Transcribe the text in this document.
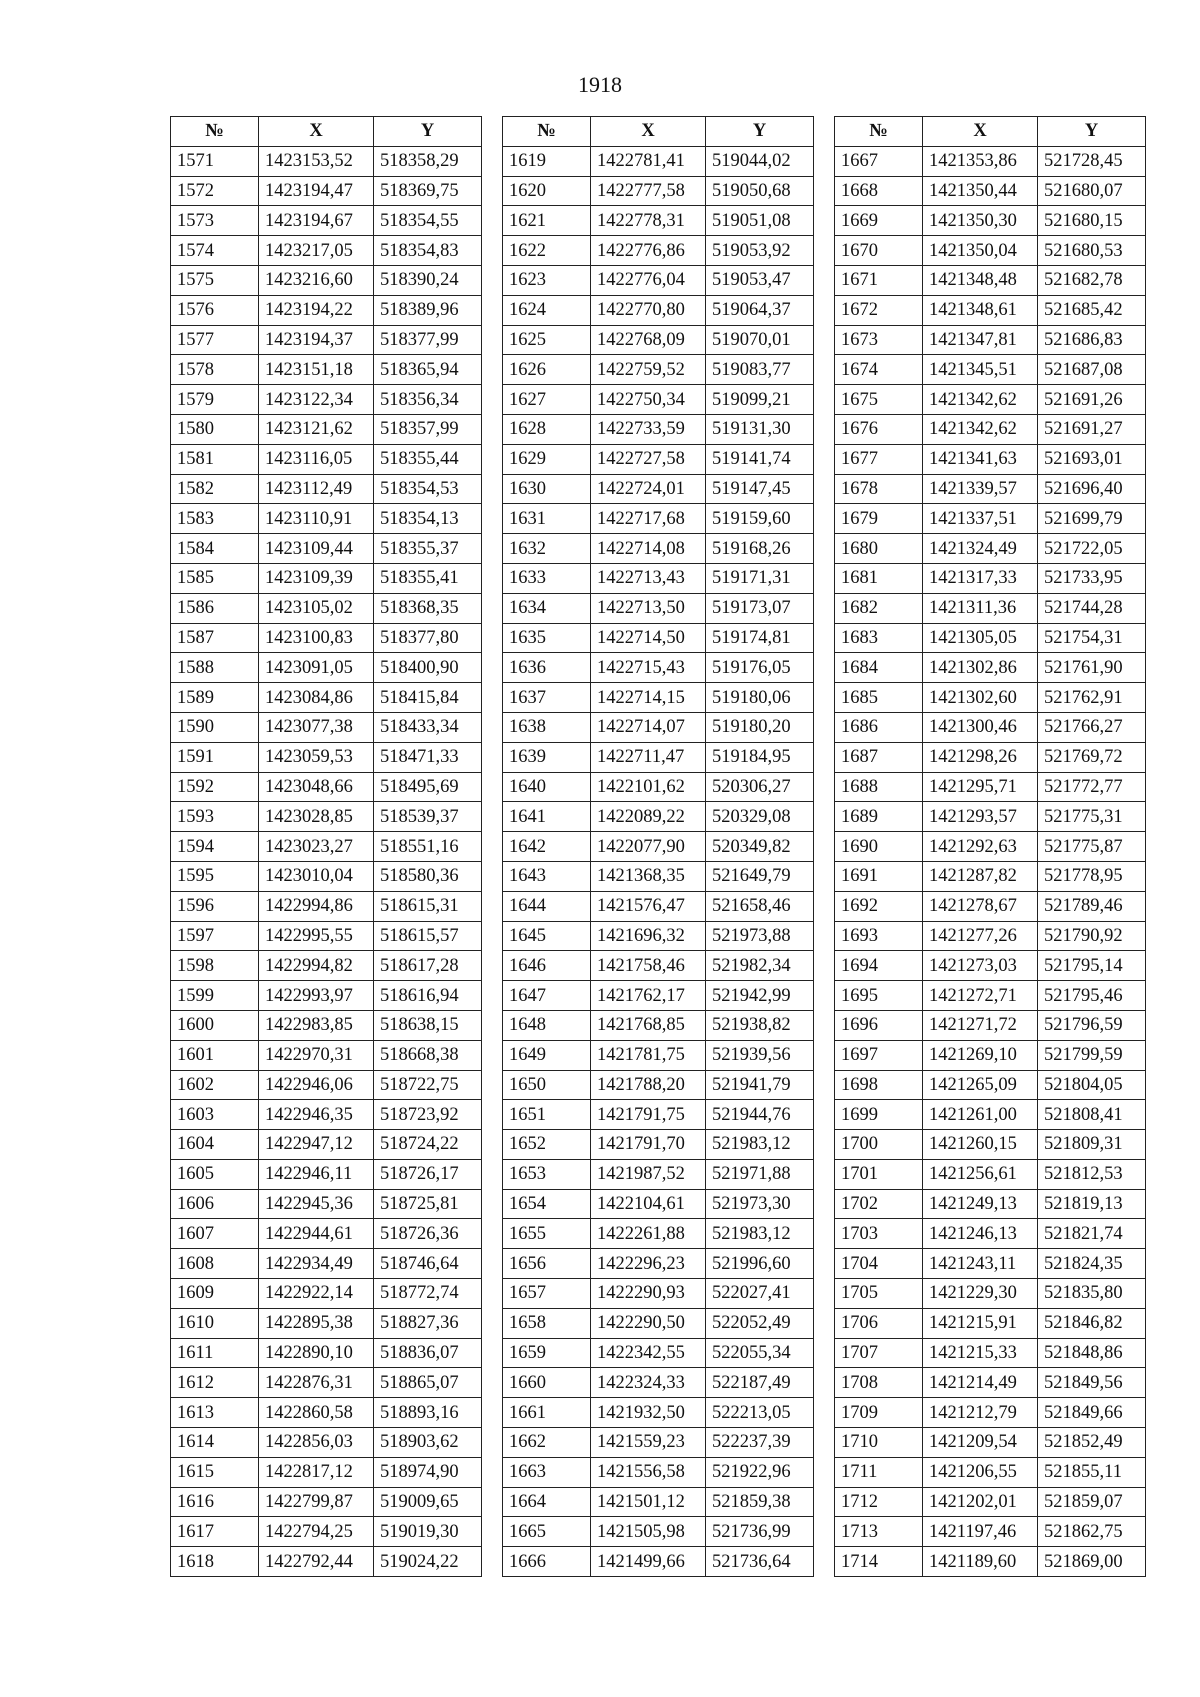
1918
№	X	Y
1571	1423153,52	518358,29
1572	1423194,47	518369,75
1573	1423194,67	518354,55
1574	1423217,05	518354,83
1575	1423216,60	518390,24
1576	1423194,22	518389,96
1577	1423194,37	518377,99
1578	1423151,18	518365,94
1579	1423122,34	518356,34
1580	1423121,62	518357,99
1581	1423116,05	518355,44
1582	1423112,49	518354,53
1583	1423110,91	518354,13
1584	1423109,44	518355,37
1585	1423109,39	518355,41
1586	1423105,02	518368,35
1587	1423100,83	518377,80
1588	1423091,05	518400,90
1589	1423084,86	518415,84
1590	1423077,38	518433,34
1591	1423059,53	518471,33
1592	1423048,66	518495,69
1593	1423028,85	518539,37
1594	1423023,27	518551,16
1595	1423010,04	518580,36
1596	1422994,86	518615,31
1597	1422995,55	518615,57
1598	1422994,82	518617,28
1599	1422993,97	518616,94
1600	1422983,85	518638,15
1601	1422970,31	518668,38
1602	1422946,06	518722,75
1603	1422946,35	518723,92
1604	1422947,12	518724,22
1605	1422946,11	518726,17
1606	1422945,36	518725,81
1607	1422944,61	518726,36
1608	1422934,49	518746,64
1609	1422922,14	518772,74
1610	1422895,38	518827,36
1611	1422890,10	518836,07
1612	1422876,31	518865,07
1613	1422860,58	518893,16
1614	1422856,03	518903,62
1615	1422817,12	518974,90
1616	1422799,87	519009,65
1617	1422794,25	519019,30
1618	1422792,44	519024,22
№	X	Y
1619	1422781,41	519044,02
1620	1422777,58	519050,68
1621	1422778,31	519051,08
1622	1422776,86	519053,92
1623	1422776,04	519053,47
1624	1422770,80	519064,37
1625	1422768,09	519070,01
1626	1422759,52	519083,77
1627	1422750,34	519099,21
1628	1422733,59	519131,30
1629	1422727,58	519141,74
1630	1422724,01	519147,45
1631	1422717,68	519159,60
1632	1422714,08	519168,26
1633	1422713,43	519171,31
1634	1422713,50	519173,07
1635	1422714,50	519174,81
1636	1422715,43	519176,05
1637	1422714,15	519180,06
1638	1422714,07	519180,20
1639	1422711,47	519184,95
1640	1422101,62	520306,27
1641	1422089,22	520329,08
1642	1422077,90	520349,82
1643	1421368,35	521649,79
1644	1421576,47	521658,46
1645	1421696,32	521973,88
1646	1421758,46	521982,34
1647	1421762,17	521942,99
1648	1421768,85	521938,82
1649	1421781,75	521939,56
1650	1421788,20	521941,79
1651	1421791,75	521944,76
1652	1421791,70	521983,12
1653	1421987,52	521971,88
1654	1422104,61	521973,30
1655	1422261,88	521983,12
1656	1422296,23	521996,60
1657	1422290,93	522027,41
1658	1422290,50	522052,49
1659	1422342,55	522055,34
1660	1422324,33	522187,49
1661	1421932,50	522213,05
1662	1421559,23	522237,39
1663	1421556,58	521922,96
1664	1421501,12	521859,38
1665	1421505,98	521736,99
1666	1421499,66	521736,64
№	X	Y
1667	1421353,86	521728,45
1668	1421350,44	521680,07
1669	1421350,30	521680,15
1670	1421350,04	521680,53
1671	1421348,48	521682,78
1672	1421348,61	521685,42
1673	1421347,81	521686,83
1674	1421345,51	521687,08
1675	1421342,62	521691,26
1676	1421342,62	521691,27
1677	1421341,63	521693,01
1678	1421339,57	521696,40
1679	1421337,51	521699,79
1680	1421324,49	521722,05
1681	1421317,33	521733,95
1682	1421311,36	521744,28
1683	1421305,05	521754,31
1684	1421302,86	521761,90
1685	1421302,60	521762,91
1686	1421300,46	521766,27
1687	1421298,26	521769,72
1688	1421295,71	521772,77
1689	1421293,57	521775,31
1690	1421292,63	521775,87
1691	1421287,82	521778,95
1692	1421278,67	521789,46
1693	1421277,26	521790,92
1694	1421273,03	521795,14
1695	1421272,71	521795,46
1696	1421271,72	521796,59
1697	1421269,10	521799,59
1698	1421265,09	521804,05
1699	1421261,00	521808,41
1700	1421260,15	521809,31
1701	1421256,61	521812,53
1702	1421249,13	521819,13
1703	1421246,13	521821,74
1704	1421243,11	521824,35
1705	1421229,30	521835,80
1706	1421215,91	521846,82
1707	1421215,33	521848,86
1708	1421214,49	521849,56
1709	1421212,79	521849,66
1710	1421209,54	521852,49
1711	1421206,55	521855,11
1712	1421202,01	521859,07
1713	1421197,46	521862,75
1714	1421189,60	521869,00
